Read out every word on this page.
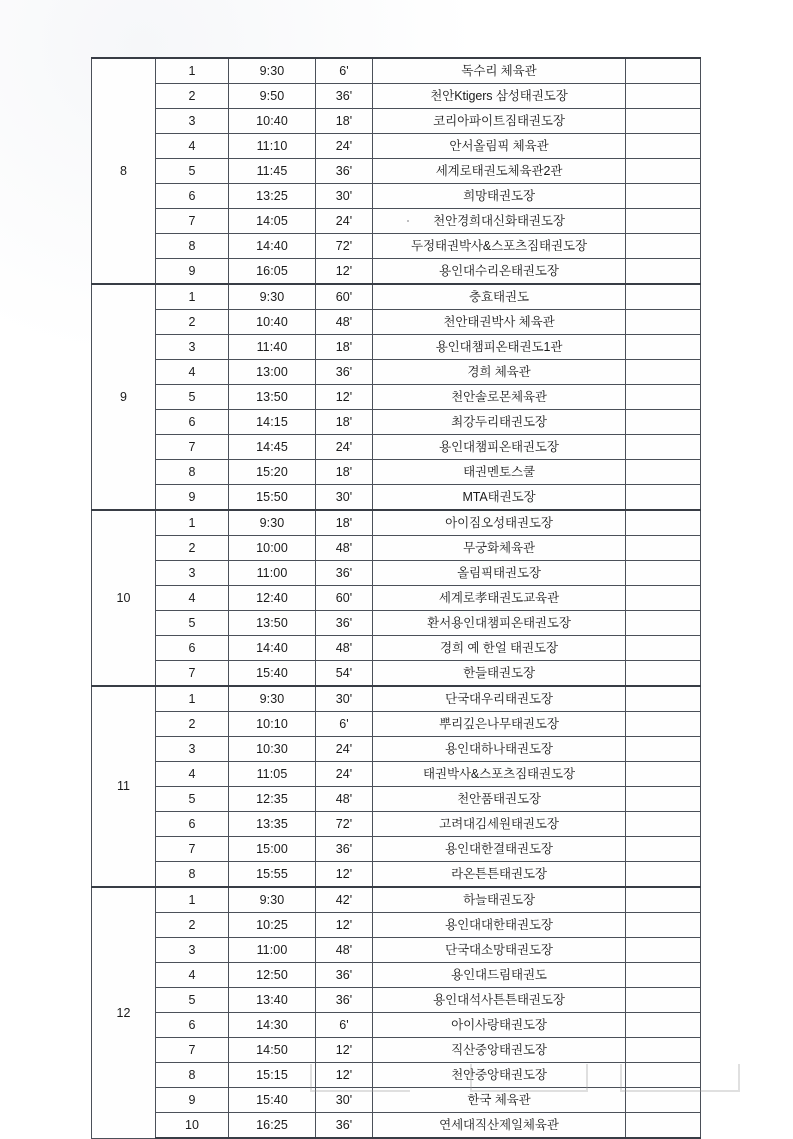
8	1	9:30	6'	독수리 체육관	
	2	9:50	36'	천안Ktigers 삼성태권도장	
	3	10:40	18'	코리아파이트짐태권도장	
	4	11:10	24'	안서올림픽 체육관	
	5	11:45	36'	세계로태권도체육관2관	
	6	13:25	30'	희망태권도장	
	7	14:05	24'	천안경희대신화태권도장	
	8	14:40	72'	두정태권박사&스포츠짐태권도장	
	9	16:05	12'	용인대수리온태권도장	
9	1	9:30	60'	충효태권도	
	2	10:40	48'	천안태권박사 체육관	
	3	11:40	18'	용인대챔피온태권도1관	
	4	13:00	36'	경희 체육관	
	5	13:50	12'	천안솔로몬체육관	
	6	14:15	18'	최강두리태권도장	
	7	14:45	24'	용인대챔피온태권도장	
	8	15:20	18'	태권멘토스쿨	
	9	15:50	30'	MTA태권도장	
10	1	9:30	18'	아이짐오성태권도장	
	2	10:00	48'	무궁화체육관	
	3	11:00	36'	올림픽태권도장	
	4	12:40	60'	세계로孝태권도교육관	
	5	13:50	36'	환서용인대챔피온태권도장	
	6	14:40	48'	경희 예 한얼 태권도장	
	7	15:40	54'	한들태권도장	
11	1	9:30	30'	단국대우리태권도장	
	2	10:10	6'	뿌리깊은나무태권도장	
	3	10:30	24'	용인대하나태권도장	
	4	11:05	24'	태권박사&스포츠짐태권도장	
	5	12:35	48'	천안품태권도장	
	6	13:35	72'	고려대김세원태권도장	
	7	15:00	36'	용인대한결태권도장	
	8	15:55	12'	라온튼튼태권도장	
12	1	9:30	42'	하늘태권도장	
	2	10:25	12'	용인대대한태권도장	
	3	11:00	48'	단국대소망태권도장	
	4	12:50	36'	용인대드림태권도	
	5	13:40	36'	용인대석사튼튼태권도장	
	6	14:30	6'	아이사랑태권도장	
	7	14:50	12'	직산중앙태권도장	
	8	15:15	12'	천안중앙태권도장	
	9	15:40	30'	한국 체육관	
	10	16:25	36'	연세대직산제일체육관	
